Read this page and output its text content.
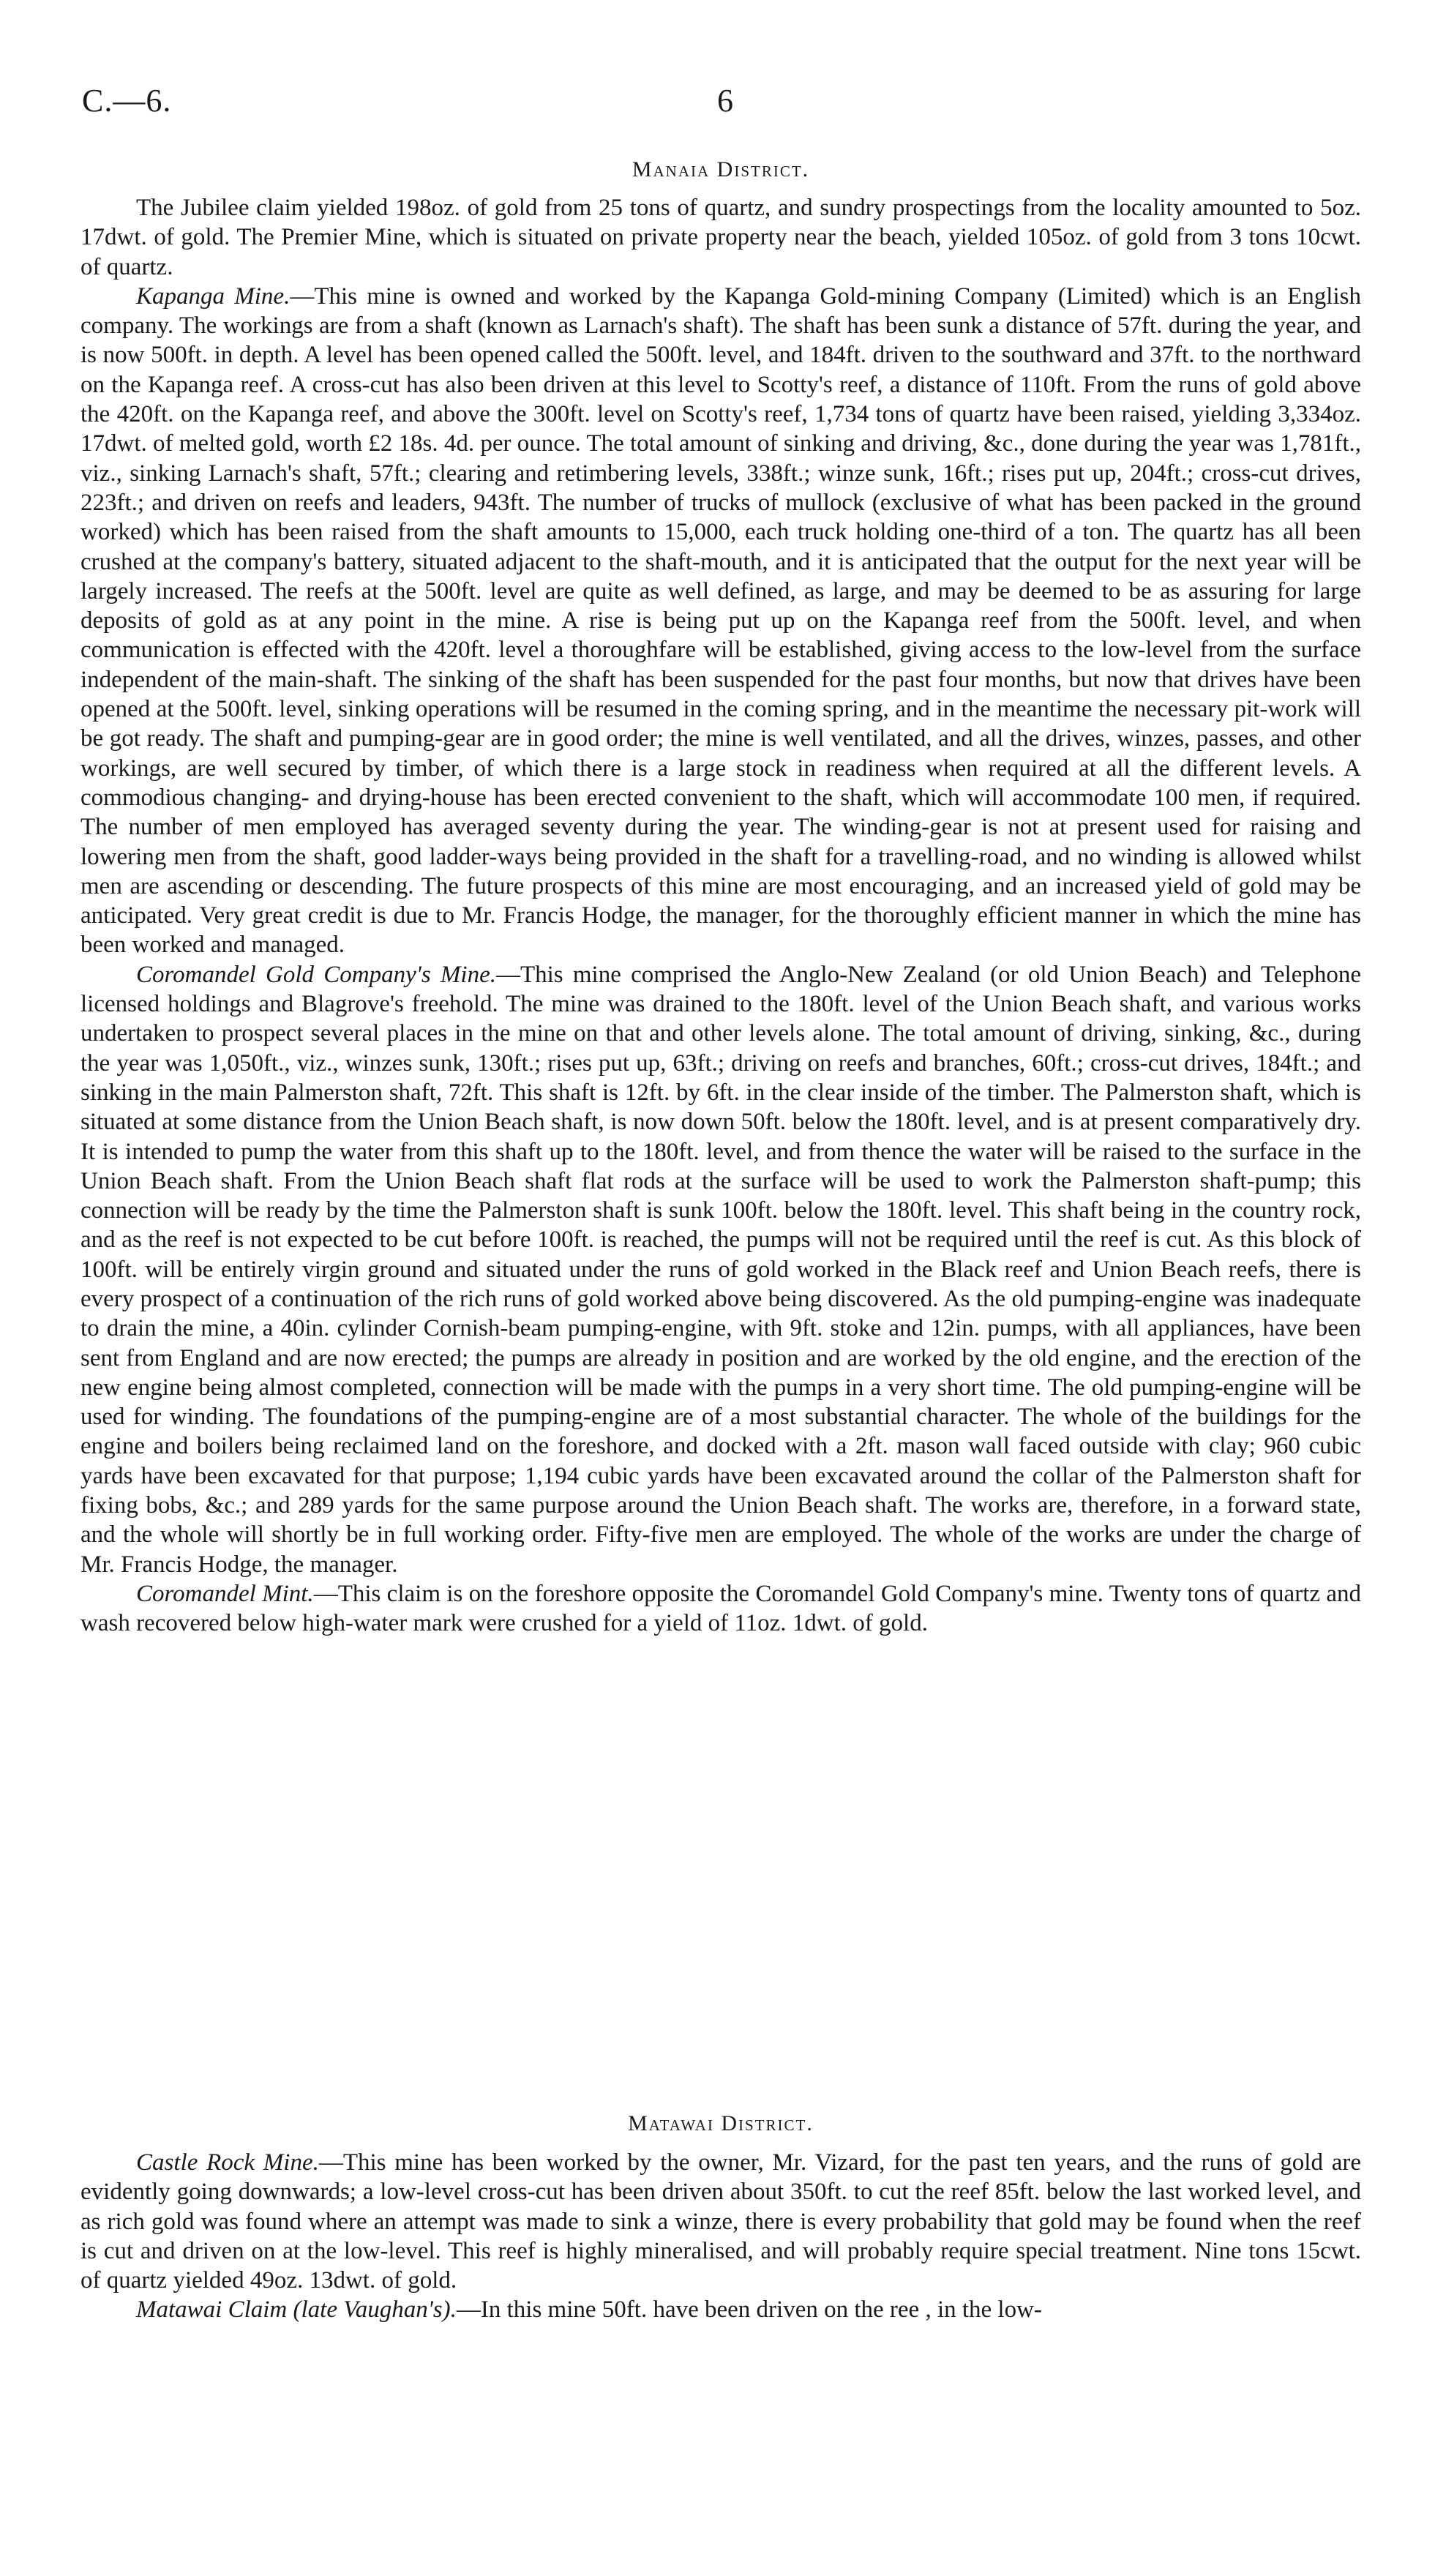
C.—6.	6
Manaia District.

The Jubilee claim yielded 198oz. of gold from 25 tons of quartz, and sundry prospectings from the locality amounted to 5oz. 17dwt. of gold. The Premier Mine, which is situated on private property near the beach, yielded 105oz. of gold from 3 tons 10cwt. of quartz.

Kapanga Mine.—This mine is owned and worked by the Kapanga Gold-mining Company (Limited) which is an English company. The workings are from a shaft (known as Larnach's shaft). The shaft has been sunk a distance of 57ft. during the year, and is now 500ft. in depth. A level has been opened called the 500ft. level, and 184ft. driven to the southward and 37ft. to the northward on the Kapanga reef. A cross-cut has also been driven at this level to Scotty's reef, a distance of 110ft. From the runs of gold above the 420ft. on the Kapanga reef, and above the 300ft. level on Scotty's reef, 1,734 tons of quartz have been raised, yielding 3,334oz. 17dwt. of melted gold, worth £2 18s. 4d. per ounce. The total amount of sinking and driving, &c., done during the year was 1,781ft., viz., sinking Larnach's shaft, 57ft.; clearing and retimbering levels, 338ft.; winze sunk, 16ft.; rises put up, 204ft.; cross-cut drives, 223ft.; and driven on reefs and leaders, 943ft. The number of trucks of mullock (exclusive of what has been packed in the ground worked) which has been raised from the shaft amounts to 15,000, each truck holding one-third of a ton. The quartz has all been crushed at the company's battery, situated adjacent to the shaft-mouth, and it is anticipated that the output for the next year will be largely increased. The reefs at the 500ft. level are quite as well defined, as large, and may be deemed to be as assuring for large deposits of gold as at any point in the mine. A rise is being put up on the Kapanga reef from the 500ft. level, and when communication is effected with the 420ft. level a thoroughfare will be established, giving access to the low-level from the surface independent of the main-shaft. The sinking of the shaft has been suspended for the past four months, but now that drives have been opened at the 500ft. level, sinking operations will be resumed in the coming spring, and in the meantime the necessary pit-work will be got ready. The shaft and pumping-gear are in good order; the mine is well ventilated, and all the drives, winzes, passes, and other workings, are well secured by timber, of which there is a large stock in readiness when required at all the different levels. A commodious changing- and drying-house has been erected convenient to the shaft, which will accommodate 100 men, if required. The number of men employed has averaged seventy during the year. The winding-gear is not at present used for raising and lowering men from the shaft, good ladder-ways being provided in the shaft for a travelling-road, and no winding is allowed whilst men are ascending or descending. The future prospects of this mine are most encouraging, and an increased yield of gold may be anticipated. Very great credit is due to Mr. Francis Hodge, the manager, for the thoroughly efficient manner in which the mine has been worked and managed.

Coromandel Gold Company's Mine.—This mine comprised the Anglo-New Zealand (or old Union Beach) and Telephone licensed holdings and Blagrove's freehold. The mine was drained to the 180ft. level of the Union Beach shaft, and various works undertaken to prospect several places in the mine on that and other levels alone. The total amount of driving, sinking, &c., during the year was 1,050ft., viz., winzes sunk, 130ft.; rises put up, 63ft.; driving on reefs and branches, 60ft.; cross-cut drives, 184ft.; and sinking in the main Palmerston shaft, 72ft. This shaft is 12ft. by 6ft. in the clear inside of the timber. The Palmerston shaft, which is situated at some distance from the Union Beach shaft, is now down 50ft. below the 180ft. level, and is at present comparatively dry. It is intended to pump the water from this shaft up to the 180ft. level, and from thence the water will be raised to the surface in the Union Beach shaft. From the Union Beach shaft flat rods at the surface will be used to work the Palmerston shaft-pump; this connection will be ready by the time the Palmerston shaft is sunk 100ft. below the 180ft. level. This shaft being in the country rock, and as the reef is not expected to be cut before 100ft. is reached, the pumps will not be required until the reef is cut. As this block of 100ft. will be entirely virgin ground and situated under the runs of gold worked in the Black reef and Union Beach reefs, there is every prospect of a continuation of the rich runs of gold worked above being discovered. As the old pumping-engine was inadequate to drain the mine, a 40in. cylinder Cornish-beam pumping-engine, with 9ft. stoke and 12in. pumps, with all appliances, have been sent from England and are now erected; the pumps are already in position and are worked by the old engine, and the erection of the new engine being almost completed, connection will be made with the pumps in a very short time. The old pumping-engine will be used for winding. The foundations of the pumping-engine are of a most substantial character. The whole of the buildings for the engine and boilers being reclaimed land on the foreshore, and docked with a 2ft. mason wall faced outside with clay; 960 cubic yards have been excavated for that purpose; 1,194 cubic yards have been excavated around the collar of the Palmerston shaft for fixing bobs, &c.; and 289 yards for the same purpose around the Union Beach shaft. The works are, therefore, in a forward state, and the whole will shortly be in full working order. Fifty-five men are employed. The whole of the works are under the charge of Mr. Francis Hodge, the manager.

Coromandel Mint.—This claim is on the foreshore opposite the Coromandel Gold Company's mine. Twenty tons of quartz and wash recovered below high-water mark were crushed for a yield of 11oz. 1dwt. of gold.

Matawai District.

Castle Rock Mine.—This mine has been worked by the owner, Mr. Vizard, for the past ten years, and the runs of gold are evidently going downwards; a low-level cross-cut has been driven about 350ft. to cut the reef 85ft. below the last worked level, and as rich gold was found where an attempt was made to sink a winze, there is every probability that gold may be found when the reef is cut and driven on at the low-level. This reef is highly mineralised, and will probably require special treatment. Nine tons 15cwt. of quartz yielded 49oz. 13dwt. of gold.

Matawai Claim (late Vaughan's).—In this mine 50ft. have been driven on the ree , in the low-
